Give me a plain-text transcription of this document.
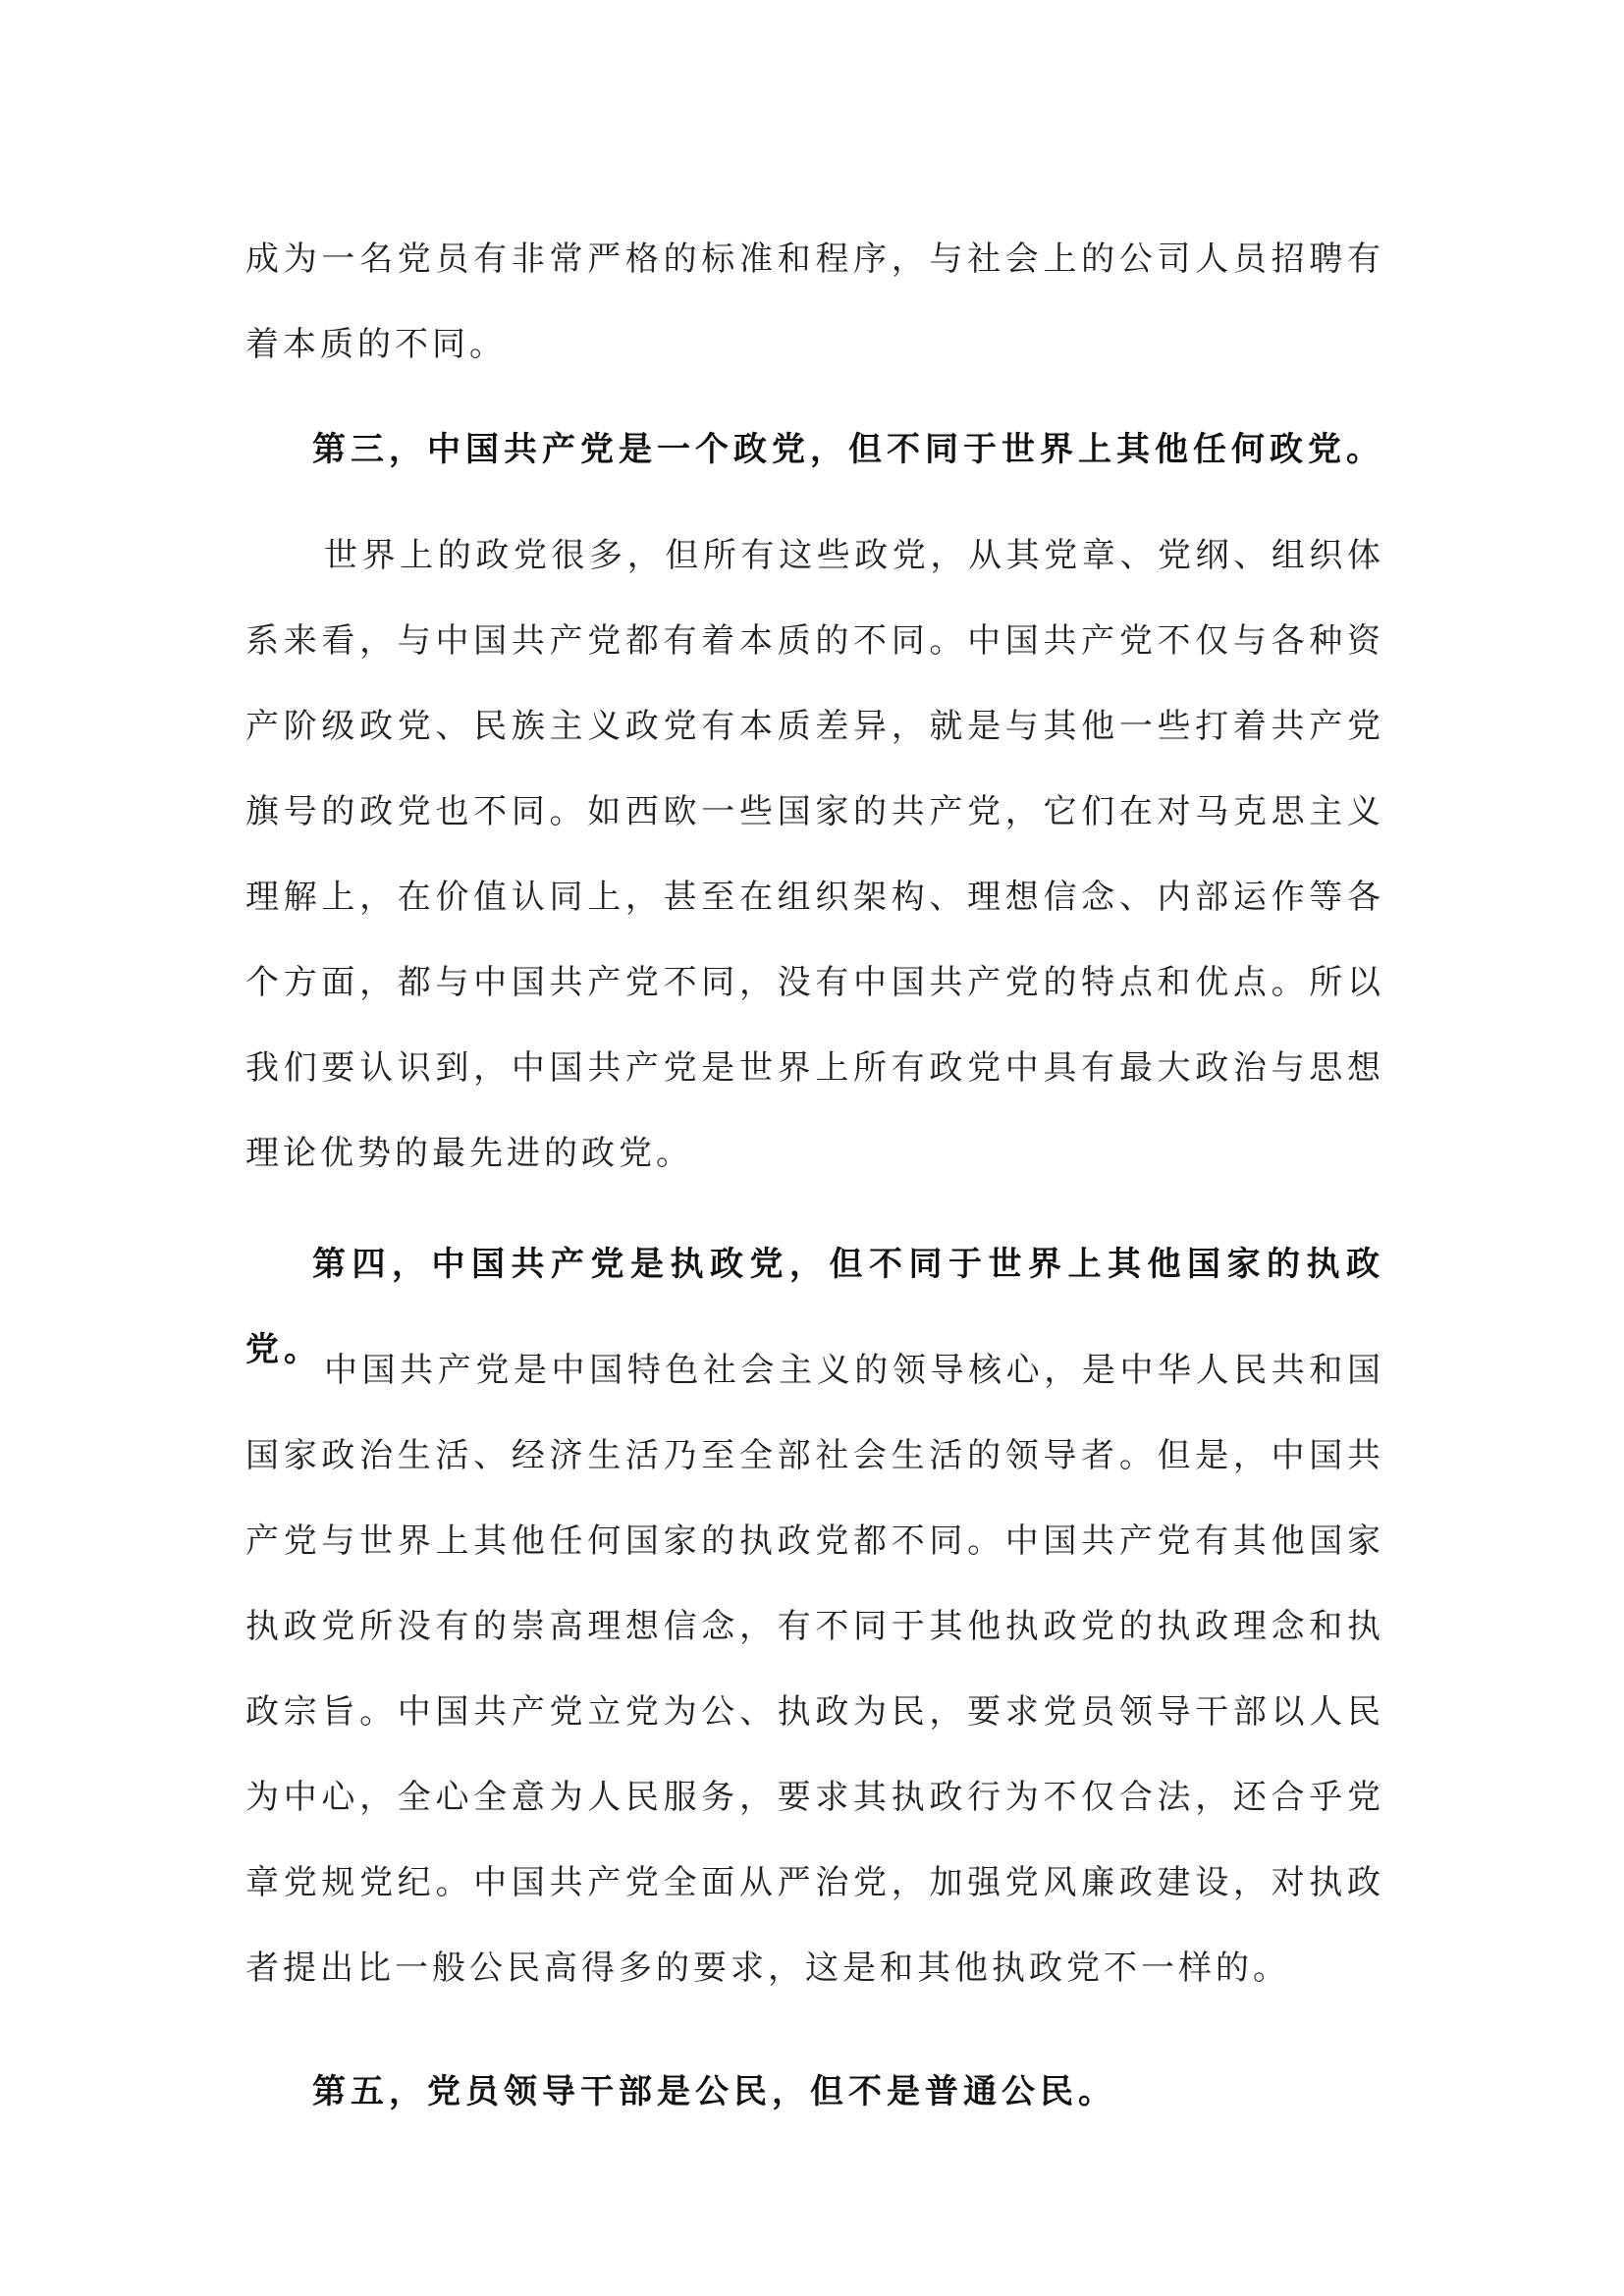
成为一名党员有非常严格的标准和程序，与社会上的公司人员招聘有着本质的不同。

第三，中国共产党是一个政党，但不同于世界上其他任何政党。

世界上的政党很多，但所有这些政党，从其党章、党纲、组织体系来看，与中国共产党都有着本质的不同。中国共产党不仅与各种资产阶级政党、民族主义政党有本质差异，就是与其他一些打着共产党旗号的政党也不同。如西欧一些国家的共产党，它们在对马克思主义理解上，在价值认同上，甚至在组织架构、理想信念、内部运作等各个方面，都与中国共产党不同，没有中国共产党的特点和优点。所以我们要认识到，中国共产党是世界上所有政党中具有最大政治与思想理论优势的最先进的政党。

第四，中国共产党是执政党，但不同于世界上其他国家的执政党。

中国共产党是中国特色社会主义的领导核心，是中华人民共和国国家政治生活、经济生活乃至全部社会生活的领导者。但是，中国共产党与世界上其他任何国家的执政党都不同。中国共产党有其他国家执政党所没有的崇高理想信念，有不同于其他执政党的执政理念和执政宗旨。中国共产党立党为公、执政为民，要求党员领导干部以人民为中心，全心全意为人民服务，要求其执政行为不仅合法，还合乎党章党规党纪。中国共产党全面从严治党，加强党风廉政建设，对执政者提出比一般公民高得多的要求，这是和其他执政党不一样的。

第五，党员领导干部是公民，但不是普通公民。
